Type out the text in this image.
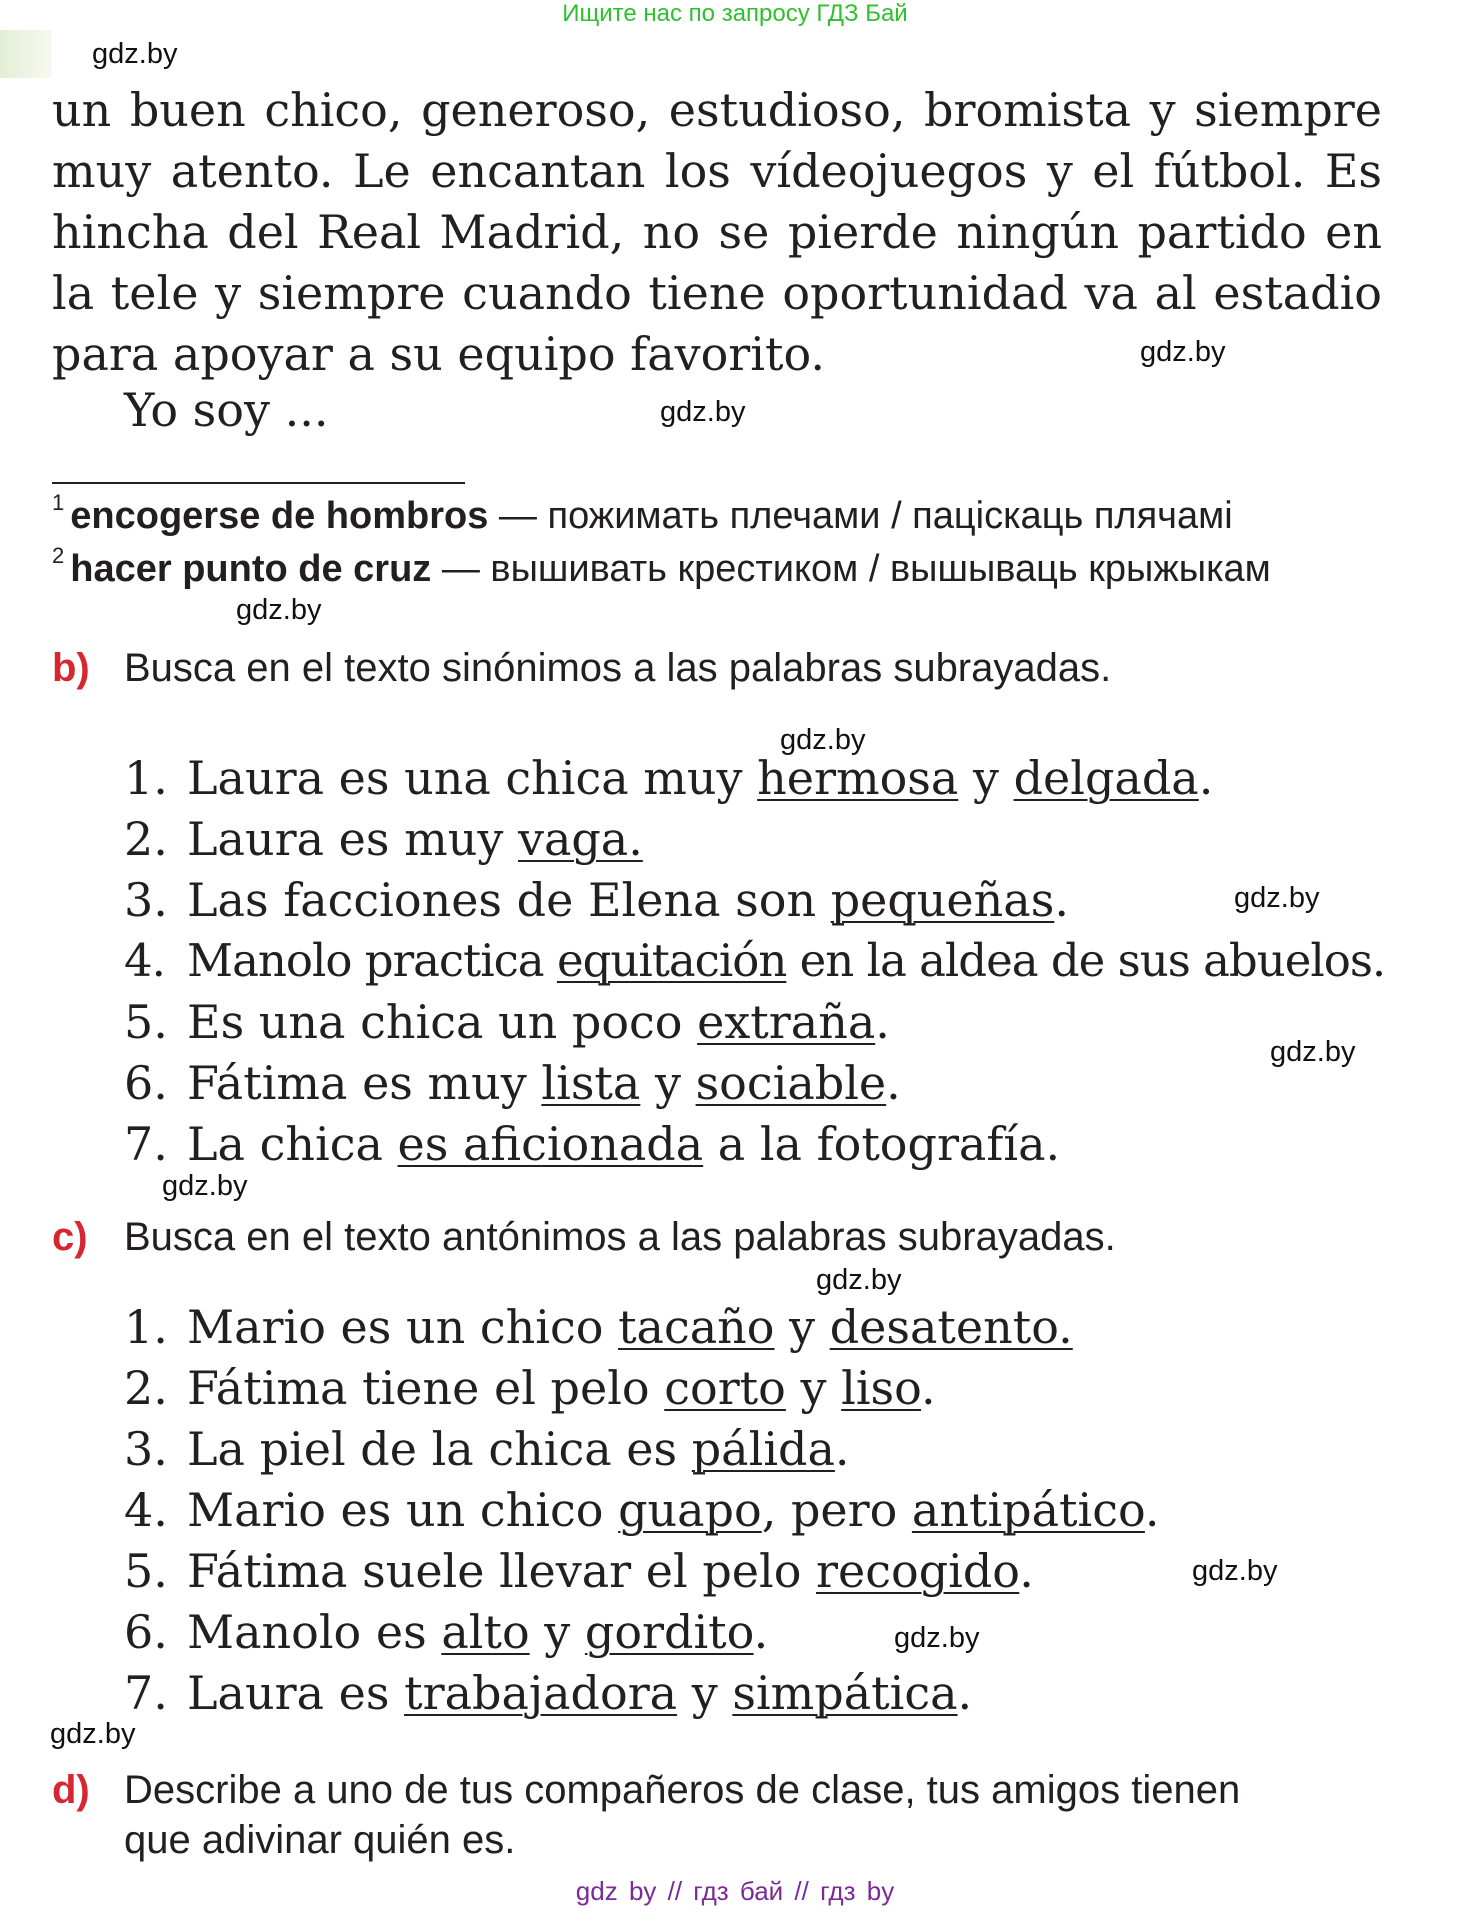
Ищите нас по запросу ГДЗ Бай
gdz.by
gdz.by
gdz.by
gdz.by
gdz.by
gdz.by
gdz.by
gdz.by
gdz.by
gdz.by
gdz.by
gdz.by
un buen chico, generoso, estudioso, bromista y siempre
muy atento. Le encantan los vídeojuegos y el fútbol. Es
hincha del Real Madrid, no se pierde ningún partido en
la tele y siempre cuando tiene oportunidad va al estadio
para apoyar a su equipo favorito.
Yo soy ...
$^1$ encogerse de hombros — пожимать плечами / паціскаць плячамі
$^2$ hacer punto de cruz — вышивать крестиком / вышываць крыжыкам
b) Busca en el texto sinónimos a las palabras subrayadas.
1. Laura es una chica muy hermosa y delgada.
2. Laura es muy vaga.
3. Las facciones de Elena son pequeñas.
4. Manolo practica equitación en la aldea de sus abuelos.
5. Es una chica un poco extraña.
6. Fátima es muy lista y sociable.
7. La chica es aficionada a la fotografía.
c) Busca en el texto antónimos a las palabras subrayadas.
1. Mario es un chico tacaño y desatento.
2. Fátima tiene el pelo corto y liso.
3. La piel de la chica es pálida.
4. Mario es un chico guapo, pero antipático.
5. Fátima suele llevar el pelo recogido.
6. Manolo es alto y gordito.
7. Laura es trabajadora y simpática.
d) Describe a uno de tus compañeros de clase, tus amigos tienen
que adivinar quién es.
gdz by // гдз бай // гдз by
